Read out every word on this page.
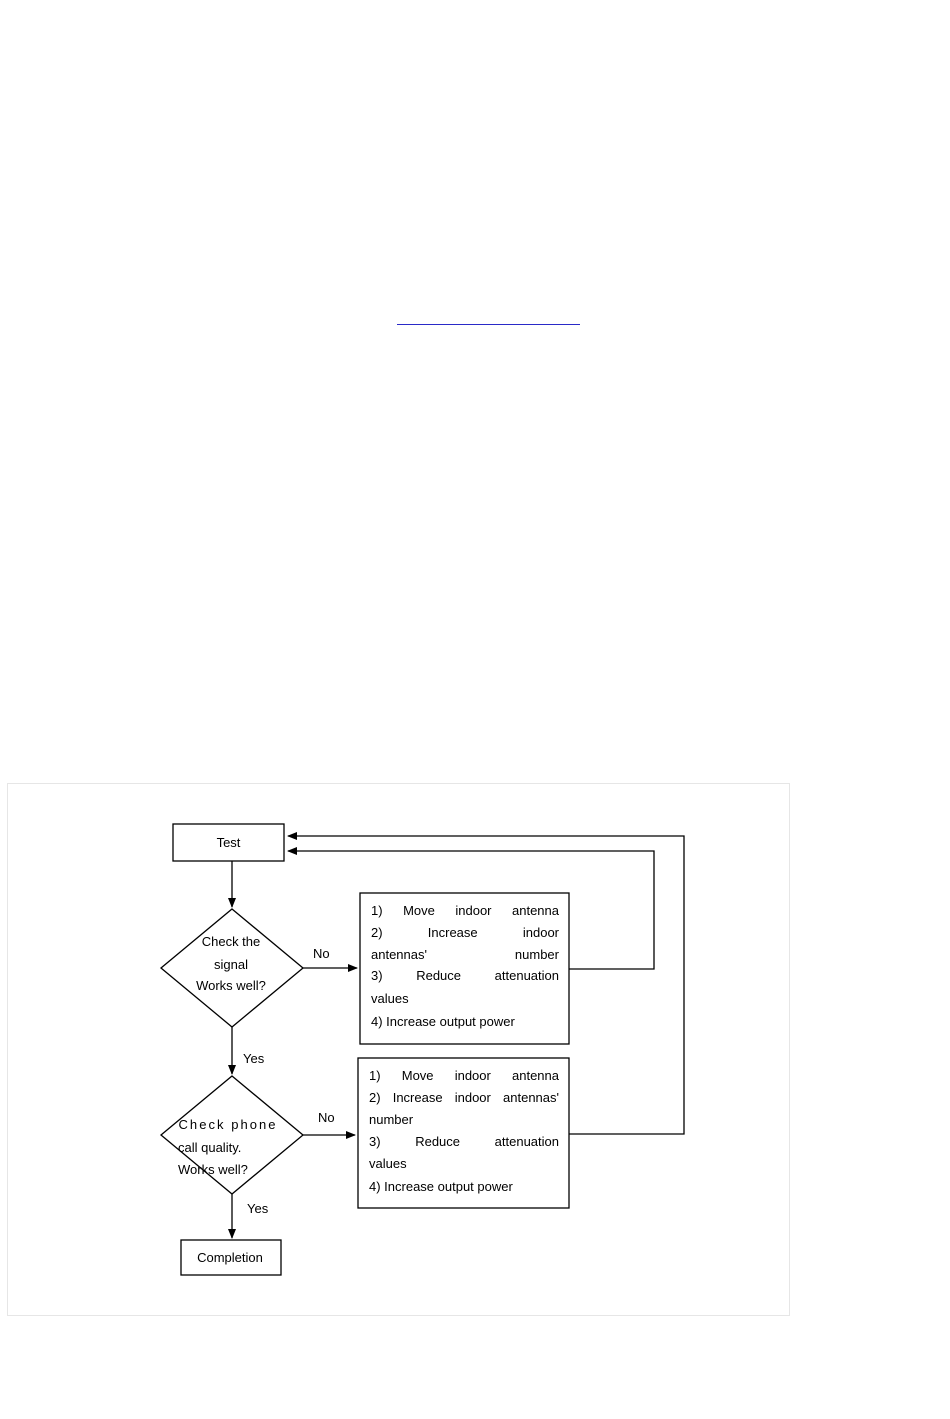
Test
Check the
signal
Works well?
No
Yes
Check phone
call quality.
Works well?
No
Yes
Completion
1) Move indoor antenna
2) Increase indoor
antennas' number
3) Reduce attenuation
values
4) Increase output power
1) Move indoor antenna
2) Increase indoor antennas'
number
3) Reduce attenuation
values
4) Increase output power
